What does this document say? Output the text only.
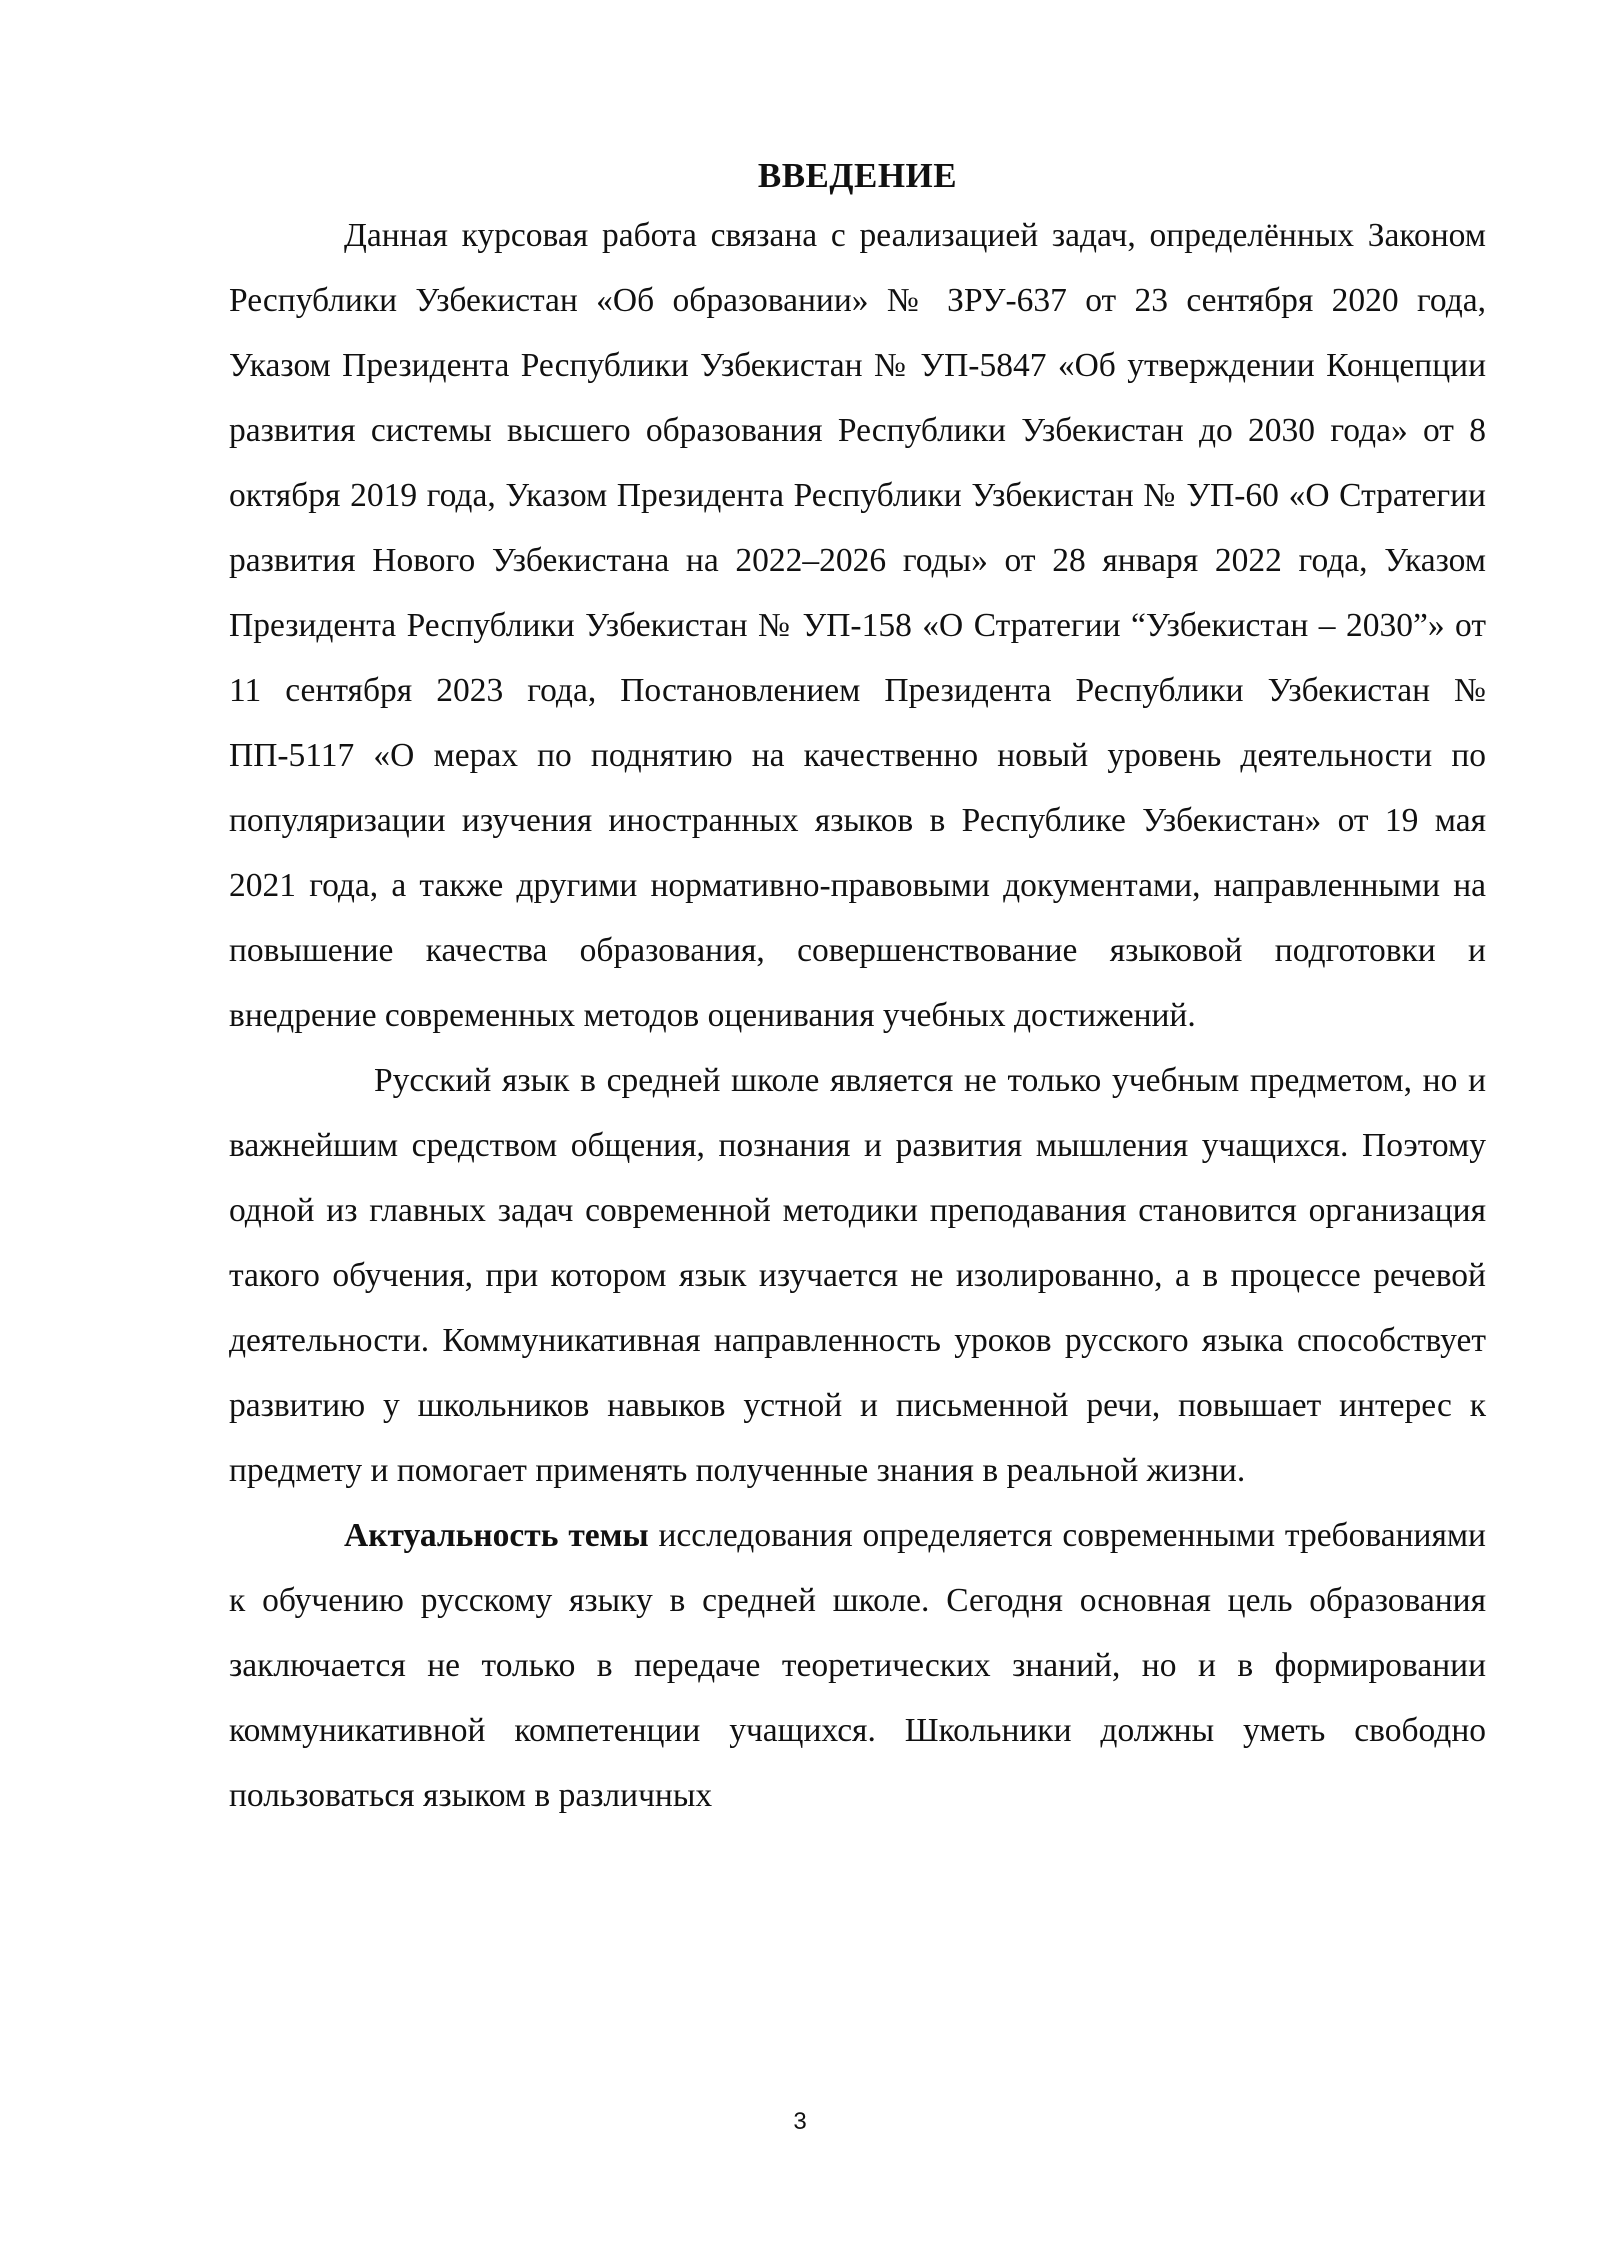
ВВЕДЕНИЕ

Данная курсовая работа связана с реализацией задач, определённых Законом Республики Узбекистан «Об образовании» № ЗРУ-637 от 23 сентября 2020 года, Указом Президента Республики Узбекистан № УП-5847 «Об утверждении Концепции развития системы высшего образования Республики Узбекистан до 2030 года» от 8 октября 2019 года, Указом Президента Республики Узбекистан № УП-60 «О Стратегии развития Нового Узбекистана на 2022–2026 годы» от 28 января 2022 года, Указом Президента Республики Узбекистан № УП-158 «О Стратегии “Узбекистан – 2030”» от 11 сентября 2023 года, Постановлением Президента Республики Узбекистан № ПП-5117 «О мерах по поднятию на качественно новый уровень деятельности по популяризации изучения иностранных языков в Республике Узбекистан» от 19 мая 2021 года, а также другими нормативно-правовыми документами, направленными на повышение качества образования, совершенствование языковой подготовки и внедрение современных методов оценивания учебных достижений.

Русский язык в средней школе является не только учебным предметом, но и важнейшим средством общения, познания и развития мышления учащихся. Поэтому одной из главных задач современной методики преподавания становится организация такого обучения, при котором язык изучается не изолированно, а в процессе речевой деятельности. Коммуникативная направленность уроков русского языка способствует развитию у школьников навыков устной и письменной речи, повышает интерес к предмету и помогает применять полученные знания в реальной жизни.

Актуальность темы исследования определяется современными требованиями к обучению русскому языку в средней школе. Сегодня основная цель образования заключается не только в передаче теоретических знаний, но и в формировании коммуникативной компетенции учащихся. Школьники должны уметь свободно пользоваться языком в различных

3
